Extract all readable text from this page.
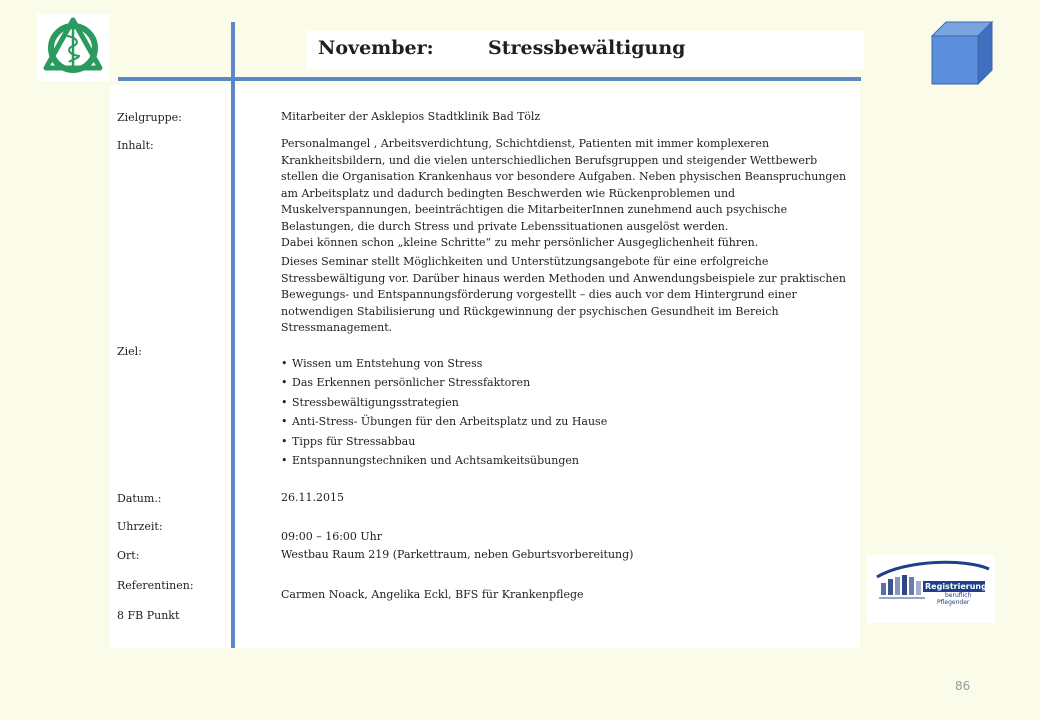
November:	Stressbewältigung
Zielgruppe:
Inhalt:
Ziel:
Datum.:
Uhrzeit:
Ort:
Referentinen:
8 FB Punkt
Mitarbeiter der Asklepios Stadtklinik Bad Tölz
Personalmangel , Arbeitsverdichtung, Schichtdienst, Patienten mit immer komplexeren Krankheitsbildern, und die vielen unterschiedlichen Berufsgruppen und steigender Wettbewerb stellen die Organisation Krankenhaus vor besondere Aufgaben. Neben physischen Beanspruchungen am Arbeitsplatz und dadurch bedingten Beschwerden wie Rückenproblemen und Muskelverspannungen, beeinträchtigen die MitarbeiterInnen zunehmend auch psychische Belastungen, die durch Stress und private Lebenssituationen ausgelöst werden.
Dabei können schon „kleine Schritte“ zu mehr persönlicher Ausgeglichenheit führen.
Dieses Seminar stellt Möglichkeiten und Unterstützungsangebote für eine erfolgreiche Stressbewältigung vor. Darüber hinaus werden Methoden und Anwendungsbeispiele zur praktischen Bewegungs- und Entspannungsförderung vorgestellt – dies auch vor dem Hintergrund einer notwendigen Stabilisierung und Rückgewinnung der psychischen Gesundheit im Bereich Stressmanagement.
• Wissen um Entstehung von Stress
• Das Erkennen persönlicher Stressfaktoren
• Stressbewältigungsstrategien
• Anti-Stress- Übungen für den Arbeitsplatz und zu Hause
• Tipps für Stressabbau
• Entspannungstechniken und Achtsamkeitsübungen
26.11.2015
09:00 – 16:00 Uhr
Westbau Raum 219 (Parkettraum, neben Geburtsvorbereitung)
Carmen Noack, Angelika Eckl, BFS für Krankenpflege
Registrierung
beruflich
Pflegender
86
